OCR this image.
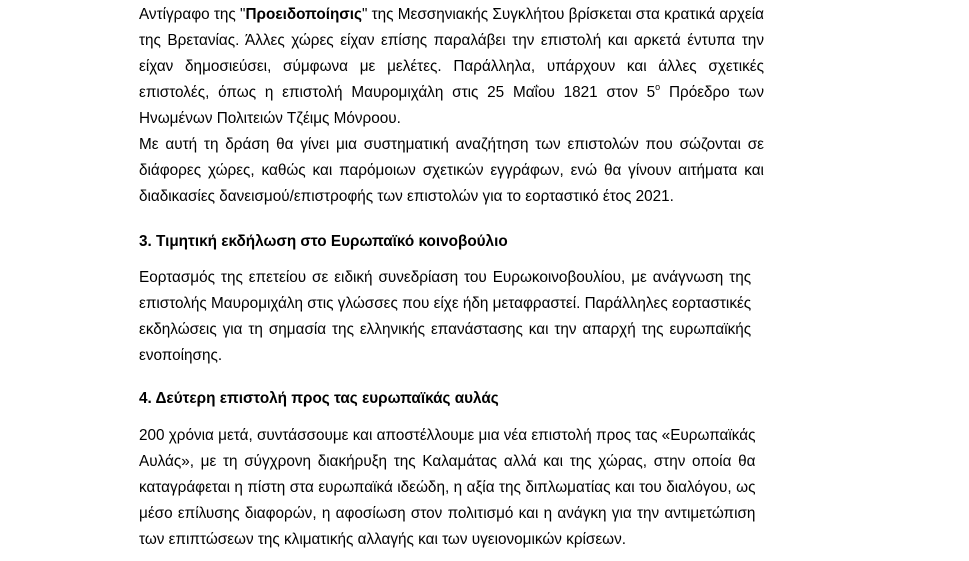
Αντίγραφο της "Προειδοποίησις" της Μεσσηνιακής Συγκλήτου βρίσκεται στα κρατικά αρχεία
της Βρετανίας. Άλλες χώρες είχαν επίσης παραλάβει την επιστολή και αρκετά έντυπα την
είχαν δημοσιεύσει, σύμφωνα με μελέτες. Παράλληλα, υπάρχουν και άλλες σχετικές
επιστολές, όπως η επιστολή Μαυρομιχάλη στις 25 Μαΐου 1821 στον $5^o$ Πρόεδρο των
Ηνωμένων Πολιτειών Τζέιμς Μόνροου.
Με αυτή τη δράση θα γίνει μια συστηματική αναζήτηση των επιστολών που σώζονται σε
διάφορες χώρες, καθώς και παρόμοιων σχετικών εγγράφων, ενώ θα γίνουν αιτήματα και
διαδικασίες δανεισμού/επιστροφής των επιστολών για το εορταστικό έτος 2021.

3. Τιμητική εκδήλωση στο Ευρωπαϊκό κοινοβούλιο

Εορτασμός της επετείου σε ειδική συνεδρίαση του Ευρωκοινοβουλίου, με ανάγνωση της
επιστολής Μαυρομιχάλη στις γλώσσες που είχε ήδη μεταφραστεί. Παράλληλες εορταστικές
εκδηλώσεις για τη σημασία της ελληνικής επανάστασης και την απαρχή της ευρωπαϊκής
ενοποίησης.

4. Δεύτερη επιστολή προς τας ευρωπαϊκάς αυλάς

200 χρόνια μετά, συντάσσουμε και αποστέλλουμε μια νέα επιστολή προς τας «Ευρωπαϊκάς
Αυλάς», με τη σύγχρονη διακήρυξη της Καλαμάτας αλλά και της χώρας, στην οποία θα
καταγράφεται η πίστη στα ευρωπαϊκά ιδεώδη, η αξία της διπλωματίας και του διαλόγου, ως
μέσο επίλυσης διαφορών, η αφοσίωση στον πολιτισμό και η ανάγκη για την αντιμετώπιση
των επιπτώσεων της κλιματικής αλλαγής και των υγειονομικών κρίσεων.
